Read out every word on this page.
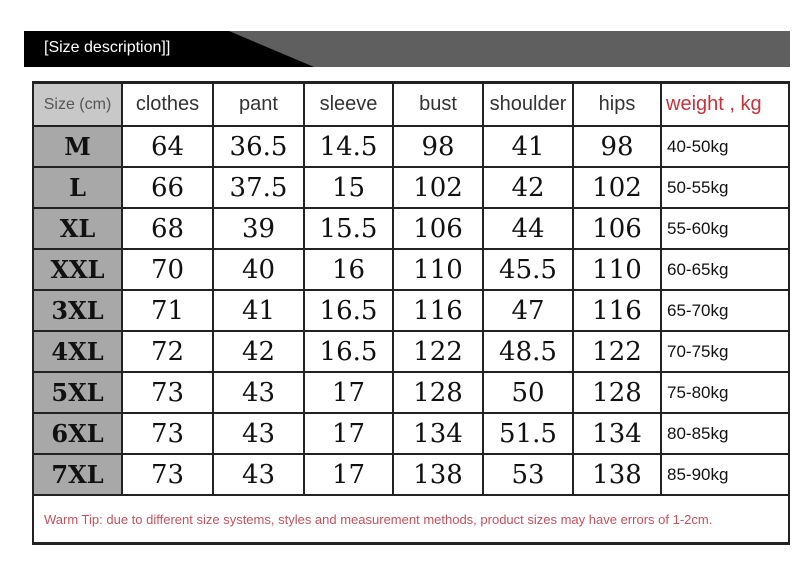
[Size description]]
Size (cm)	clothes	pant	sleeve	bust	shoulder	hips	weight , kg
M	64	36.5	14.5	98	41	98	40-50kg
L	66	37.5	15	102	42	102	50-55kg
XL	68	39	15.5	106	44	106	55-60kg
XXL	70	40	16	110	45.5	110	60-65kg
3XL	71	41	16.5	116	47	116	65-70kg
4XL	72	42	16.5	122	48.5	122	70-75kg
5XL	73	43	17	128	50	128	75-80kg
6XL	73	43	17	134	51.5	134	80-85kg
7XL	73	43	17	138	53	138	85-90kg
Warm Tip: due to different size systems, styles and measurement methods, product sizes may have errors of 1-2cm.							
